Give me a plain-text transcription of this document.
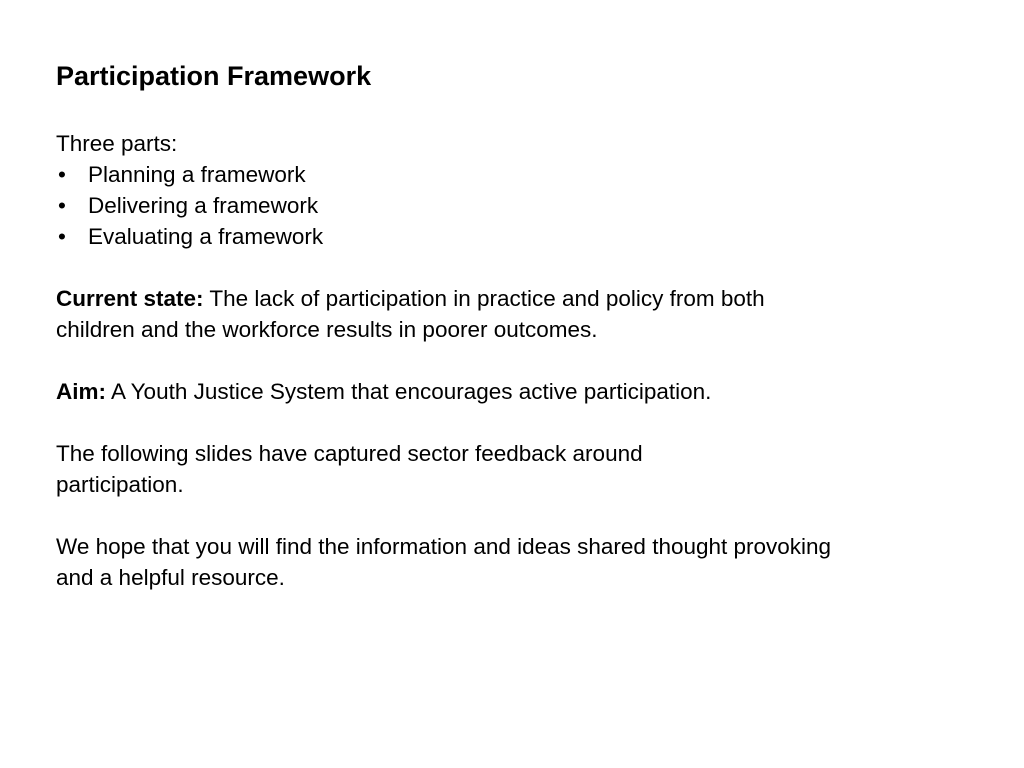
Participation Framework

Three parts:

• Planning a framework
• Delivering a framework
• Evaluating a framework

Current state: The lack of participation in practice and policy from both children and the workforce results in poorer outcomes.

Aim: A Youth Justice System that encourages active participation.

The following slides have captured sector feedback around participation.

We hope that you will find the information and ideas shared thought provoking and a helpful resource.
